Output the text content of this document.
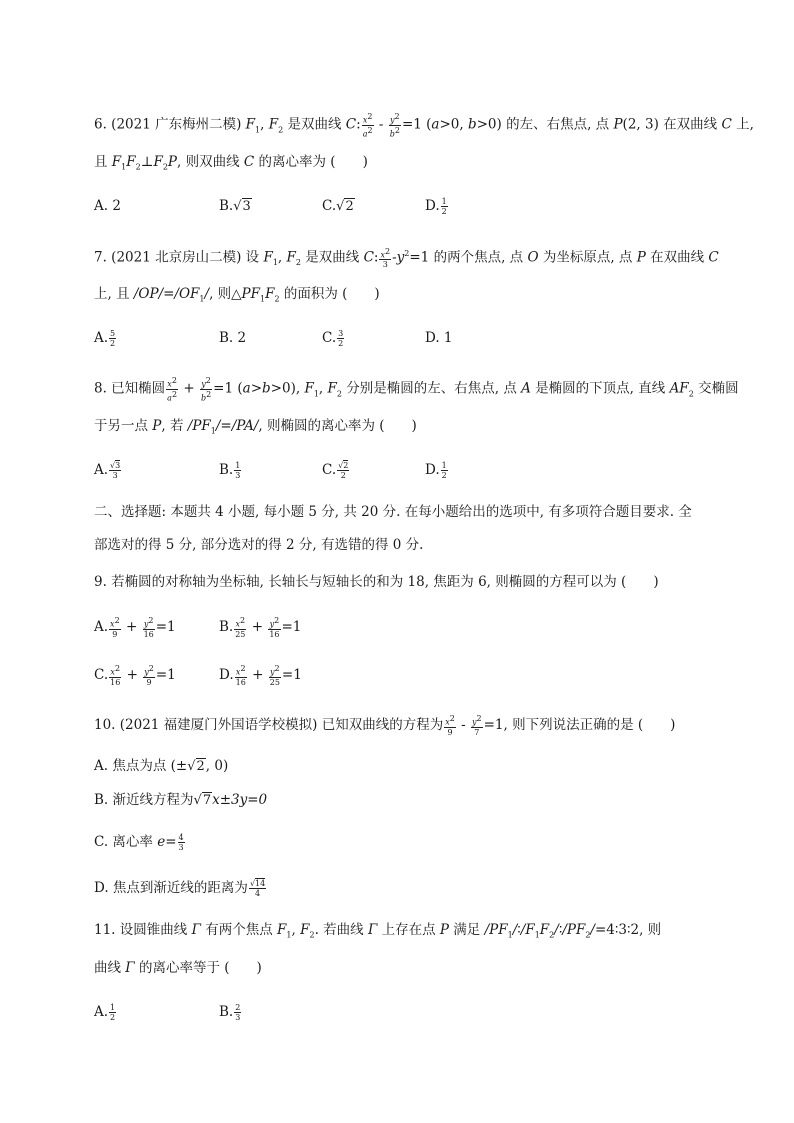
6. (2021 广东梅州二模) $F_1$, $F_2$ 是双曲线 C: $\frac{x^2}{a^2} - \frac{y^2}{b^2} =1$ (a>0, b>0) 的左、右焦点, 点 P(2, 3) 在双曲线 C 上,
且 $F_1F_2\perp F_2P$, 则双曲线 C 的离心率为 (　　)
A. 2	B.√3	C.√2	D. $\frac{1}{2}$
7. (2021 北京房山二模) 设 $F_1$, $F_2$ 是双曲线 C: $\frac{x^2}{3} -y^2=1$ 的两个焦点, 点 O 为坐标原点, 点 P 在双曲线 C
上, 且 $/OP/=/OF_1/$, 则$\triangle PF_1F_2$ 的面积为 (　　)
A. $\frac{5}{2}$	B. 2	C. $\frac{3}{2}$	D. 1
8. 已知椭圆 $\frac{x^2}{a^2} + \frac{y^2}{b^2} =1$ (a>b>0), $F_1$, $F_2$ 分别是椭圆的左、右焦点, 点 A 是椭圆的下顶点, 直线 $AF_2$ 交椭圆
于另一点 P, 若 $/PF_1/=/PA/$, 则椭圆的离心率为 (　　)
A. $\frac{√3}{3}$	B. $\frac{1}{3}$	C. $\frac{√2}{2}$	D. $\frac{1}{2}$
二、选择题: 本题共 4 小题, 每小题 5 分, 共 20 分. 在每小题给出的选项中, 有多项符合题目要求. 全
部选对的得 5 分, 部分选对的得 2 分, 有选错的得 0 分.
9. 若椭圆的对称轴为坐标轴, 长轴长与短轴长的和为 18, 焦距为 6, 则椭圆的方程可以为 (　　)
A. $\frac{x^2}{9} + \frac{y^2}{16} =1$	B. $\frac{x^2}{25} + \frac{y^2}{16} =1$
C. $\frac{x^2}{16} + \frac{y^2}{9} =1$	D. $\frac{x^2}{16} + \frac{y^2}{25} =1$
10. (2021 福建厦门外国语学校模拟) 已知双曲线的方程为 $\frac{x^2}{9} - \frac{y^2}{7} =1$, 则下列说法正确的是 (　　)
A. 焦点为点 (±√2, 0)
B. 渐近线方程为√7x±3y=0
C. 离心率 $e= \frac{4}{3}$
D. 焦点到渐近线的距离为 $\frac{√14}{4}$
11. 设圆锥曲线 Γ 有两个焦点 $F_1$, $F_2$. 若曲线 Γ 上存在点 P 满足 $/PF_1/∶/F_1F_2/∶/PF_2/=4∶3∶2$, 则
曲线 Γ 的离心率等于 (　　)
A. $\frac{1}{2}$	B. $\frac{2}{3}$
